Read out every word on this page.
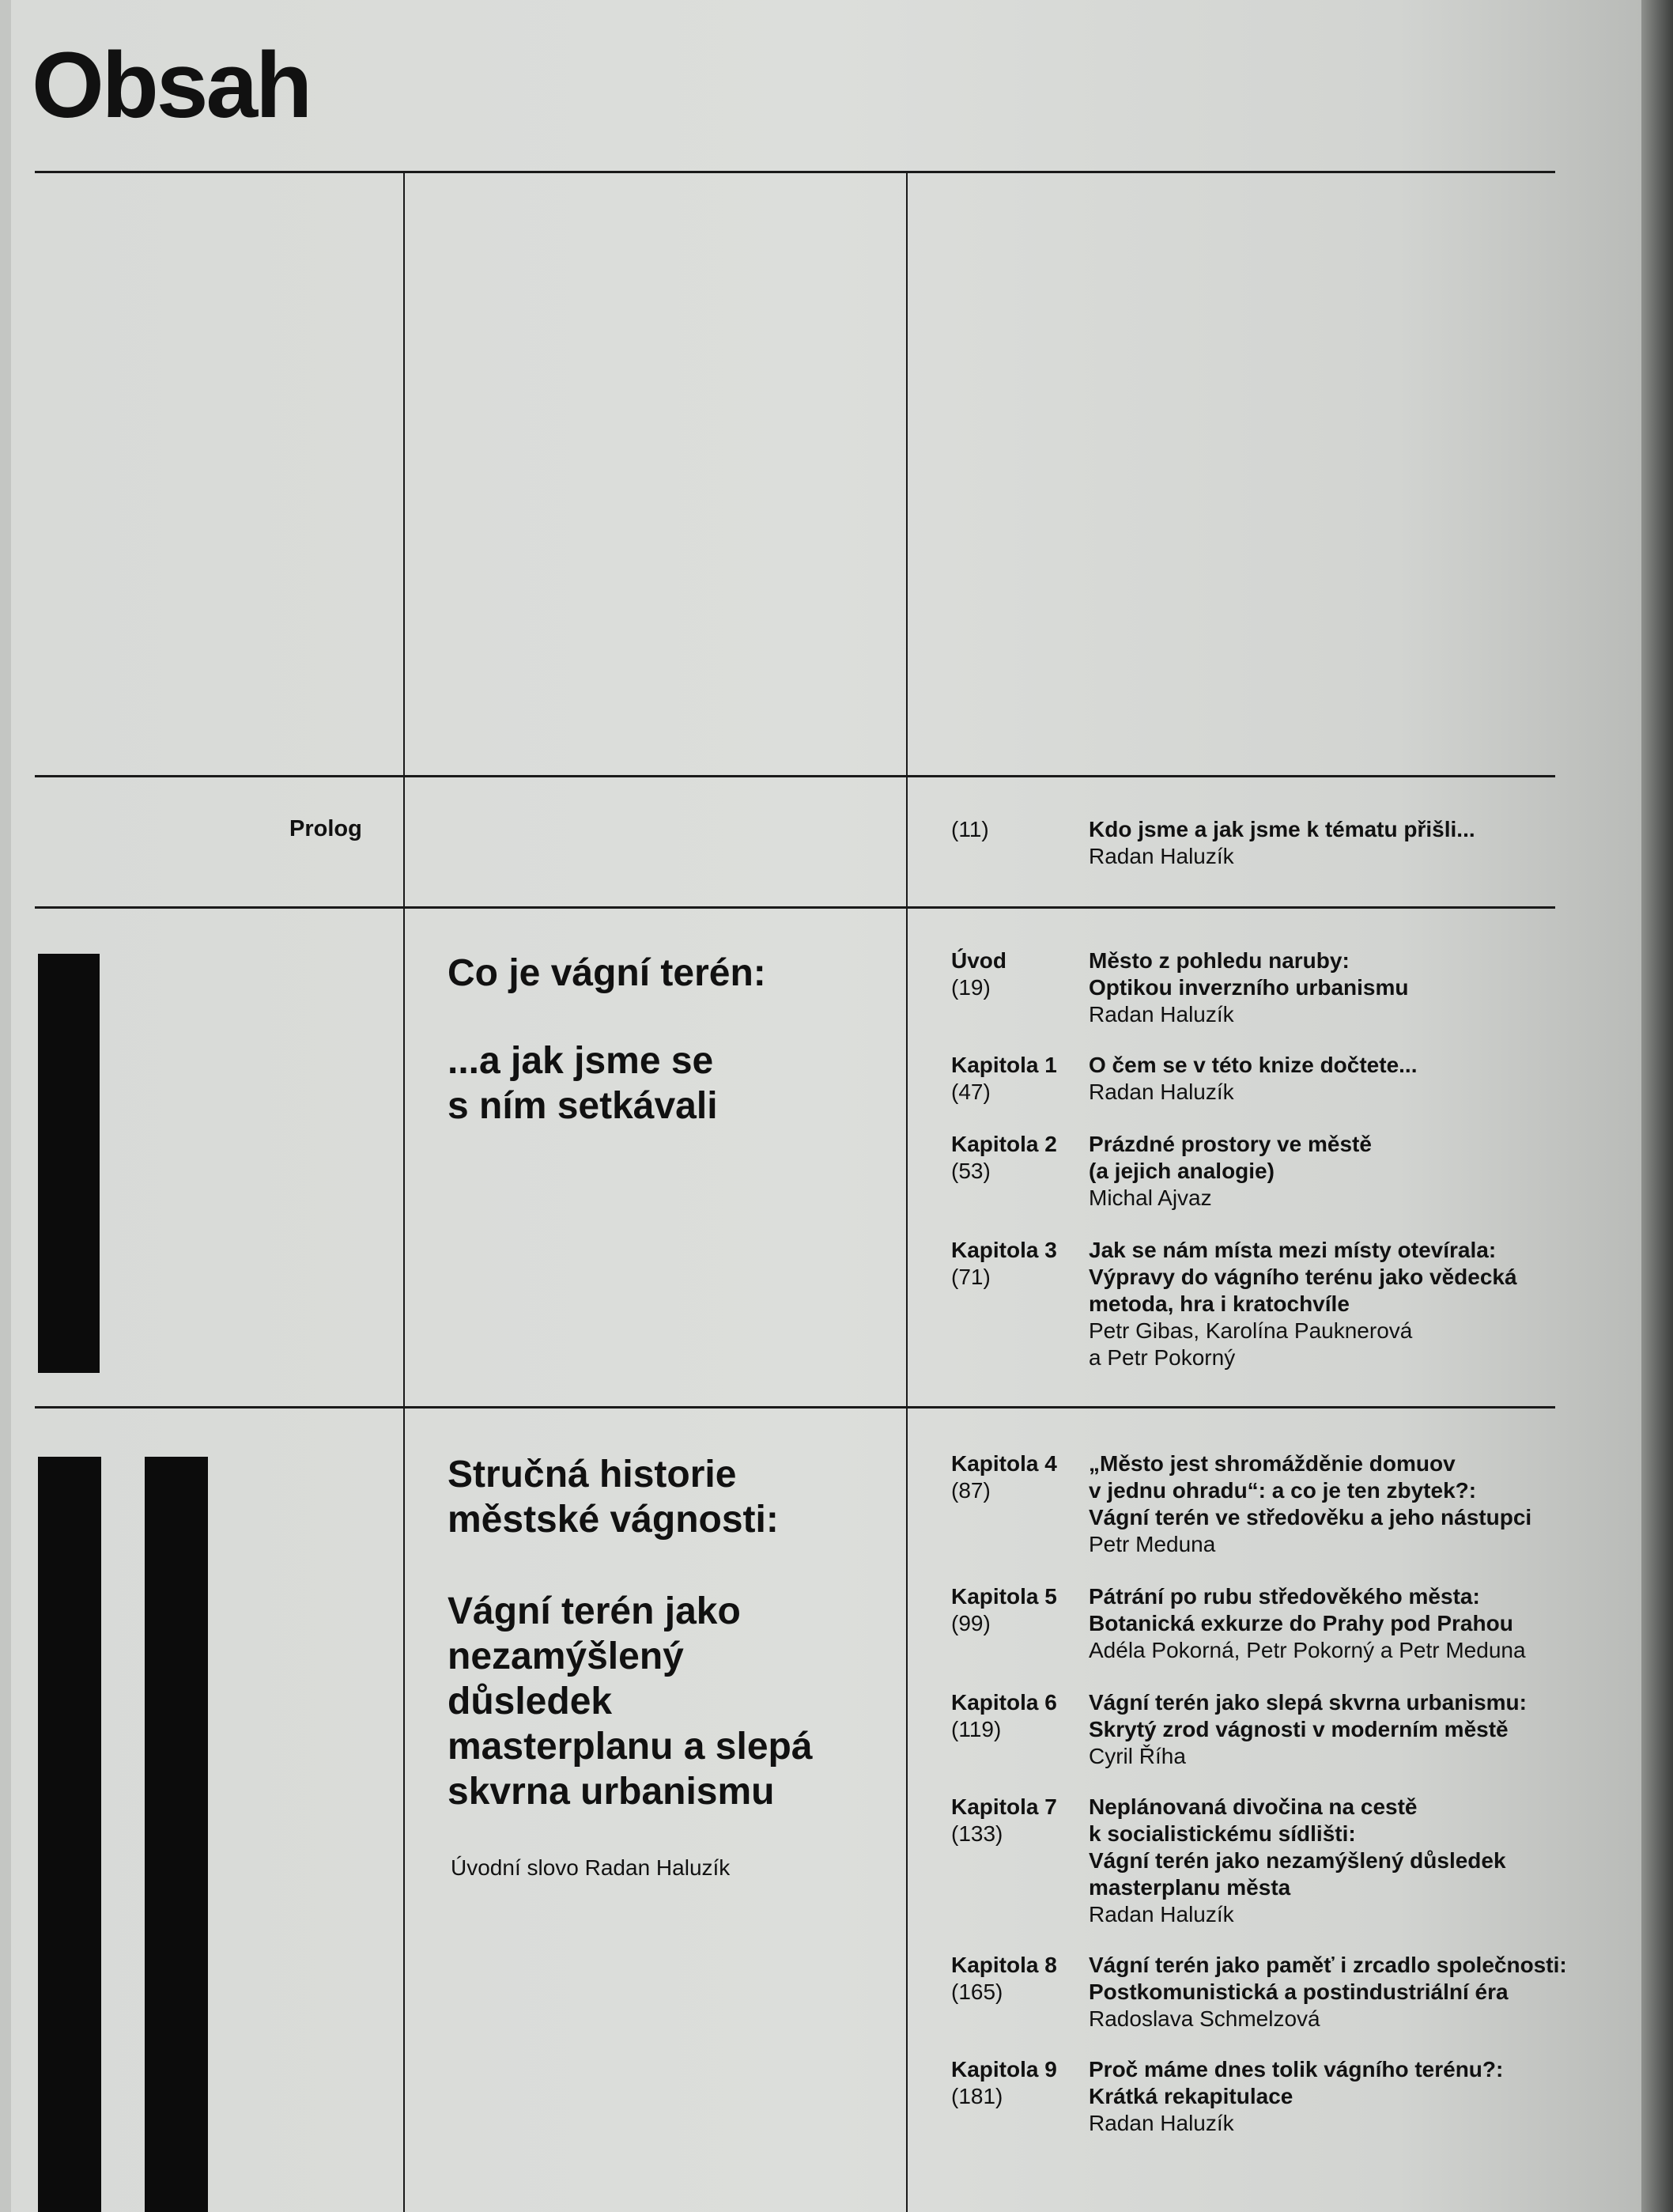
Obsah
Prolog	(11)	Kdo jsme a jak jsme k tématu přišli...
Radan Haluzík
Co je vágní terén:
...a jak jsme se
s ním setkávali
Úvod
(19)
Město z pohledu naruby:
Optikou inverzního urbanismu
Radan Haluzík
Kapitola 1
(47)
O čem se v této knize dočtete...
Radan Haluzík
Kapitola 2
(53)
Prázdné prostory ve městě
(a jejich analogie)
Michal Ajvaz
Kapitola 3
(71)
Jak se nám místa mezi místy otevírala:
Výpravy do vágního terénu jako vědecká
metoda, hra i kratochvíle
Petr Gibas, Karolína Pauknerová
a Petr Pokorný
Stručná historie
městské vágnosti:
Vágní terén jako
nezamýšlený
důsledek
masterplanu a slepá
skvrna urbanismu
Úvodní slovo Radan Haluzík
Kapitola 4
(87)
„Město jest shromážděnie domuov
v jednu ohradu“: a co je ten zbytek?:
Vágní terén ve středověku a jeho nástupci
Petr Meduna
Kapitola 5
(99)
Pátrání po rubu středověkého města:
Botanická exkurze do Prahy pod Prahou
Adéla Pokorná, Petr Pokorný a Petr Meduna
Kapitola 6
(119)
Vágní terén jako slepá skvrna urbanismu:
Skrytý zrod vágnosti v moderním městě
Cyril Říha
Kapitola 7
(133)
Neplánovaná divočina na cestě
k socialistickému sídlišti:
Vágní terén jako nezamýšlený důsledek
masterplanu města
Radan Haluzík
Kapitola 8
(165)
Vágní terén jako paměť i zrcadlo společnosti:
Postkomunistická a postindustriální éra
Radoslava Schmelzová
Kapitola 9
(181)
Proč máme dnes tolik vágního terénu?:
Krátká rekapitulace
Radan Haluzík
